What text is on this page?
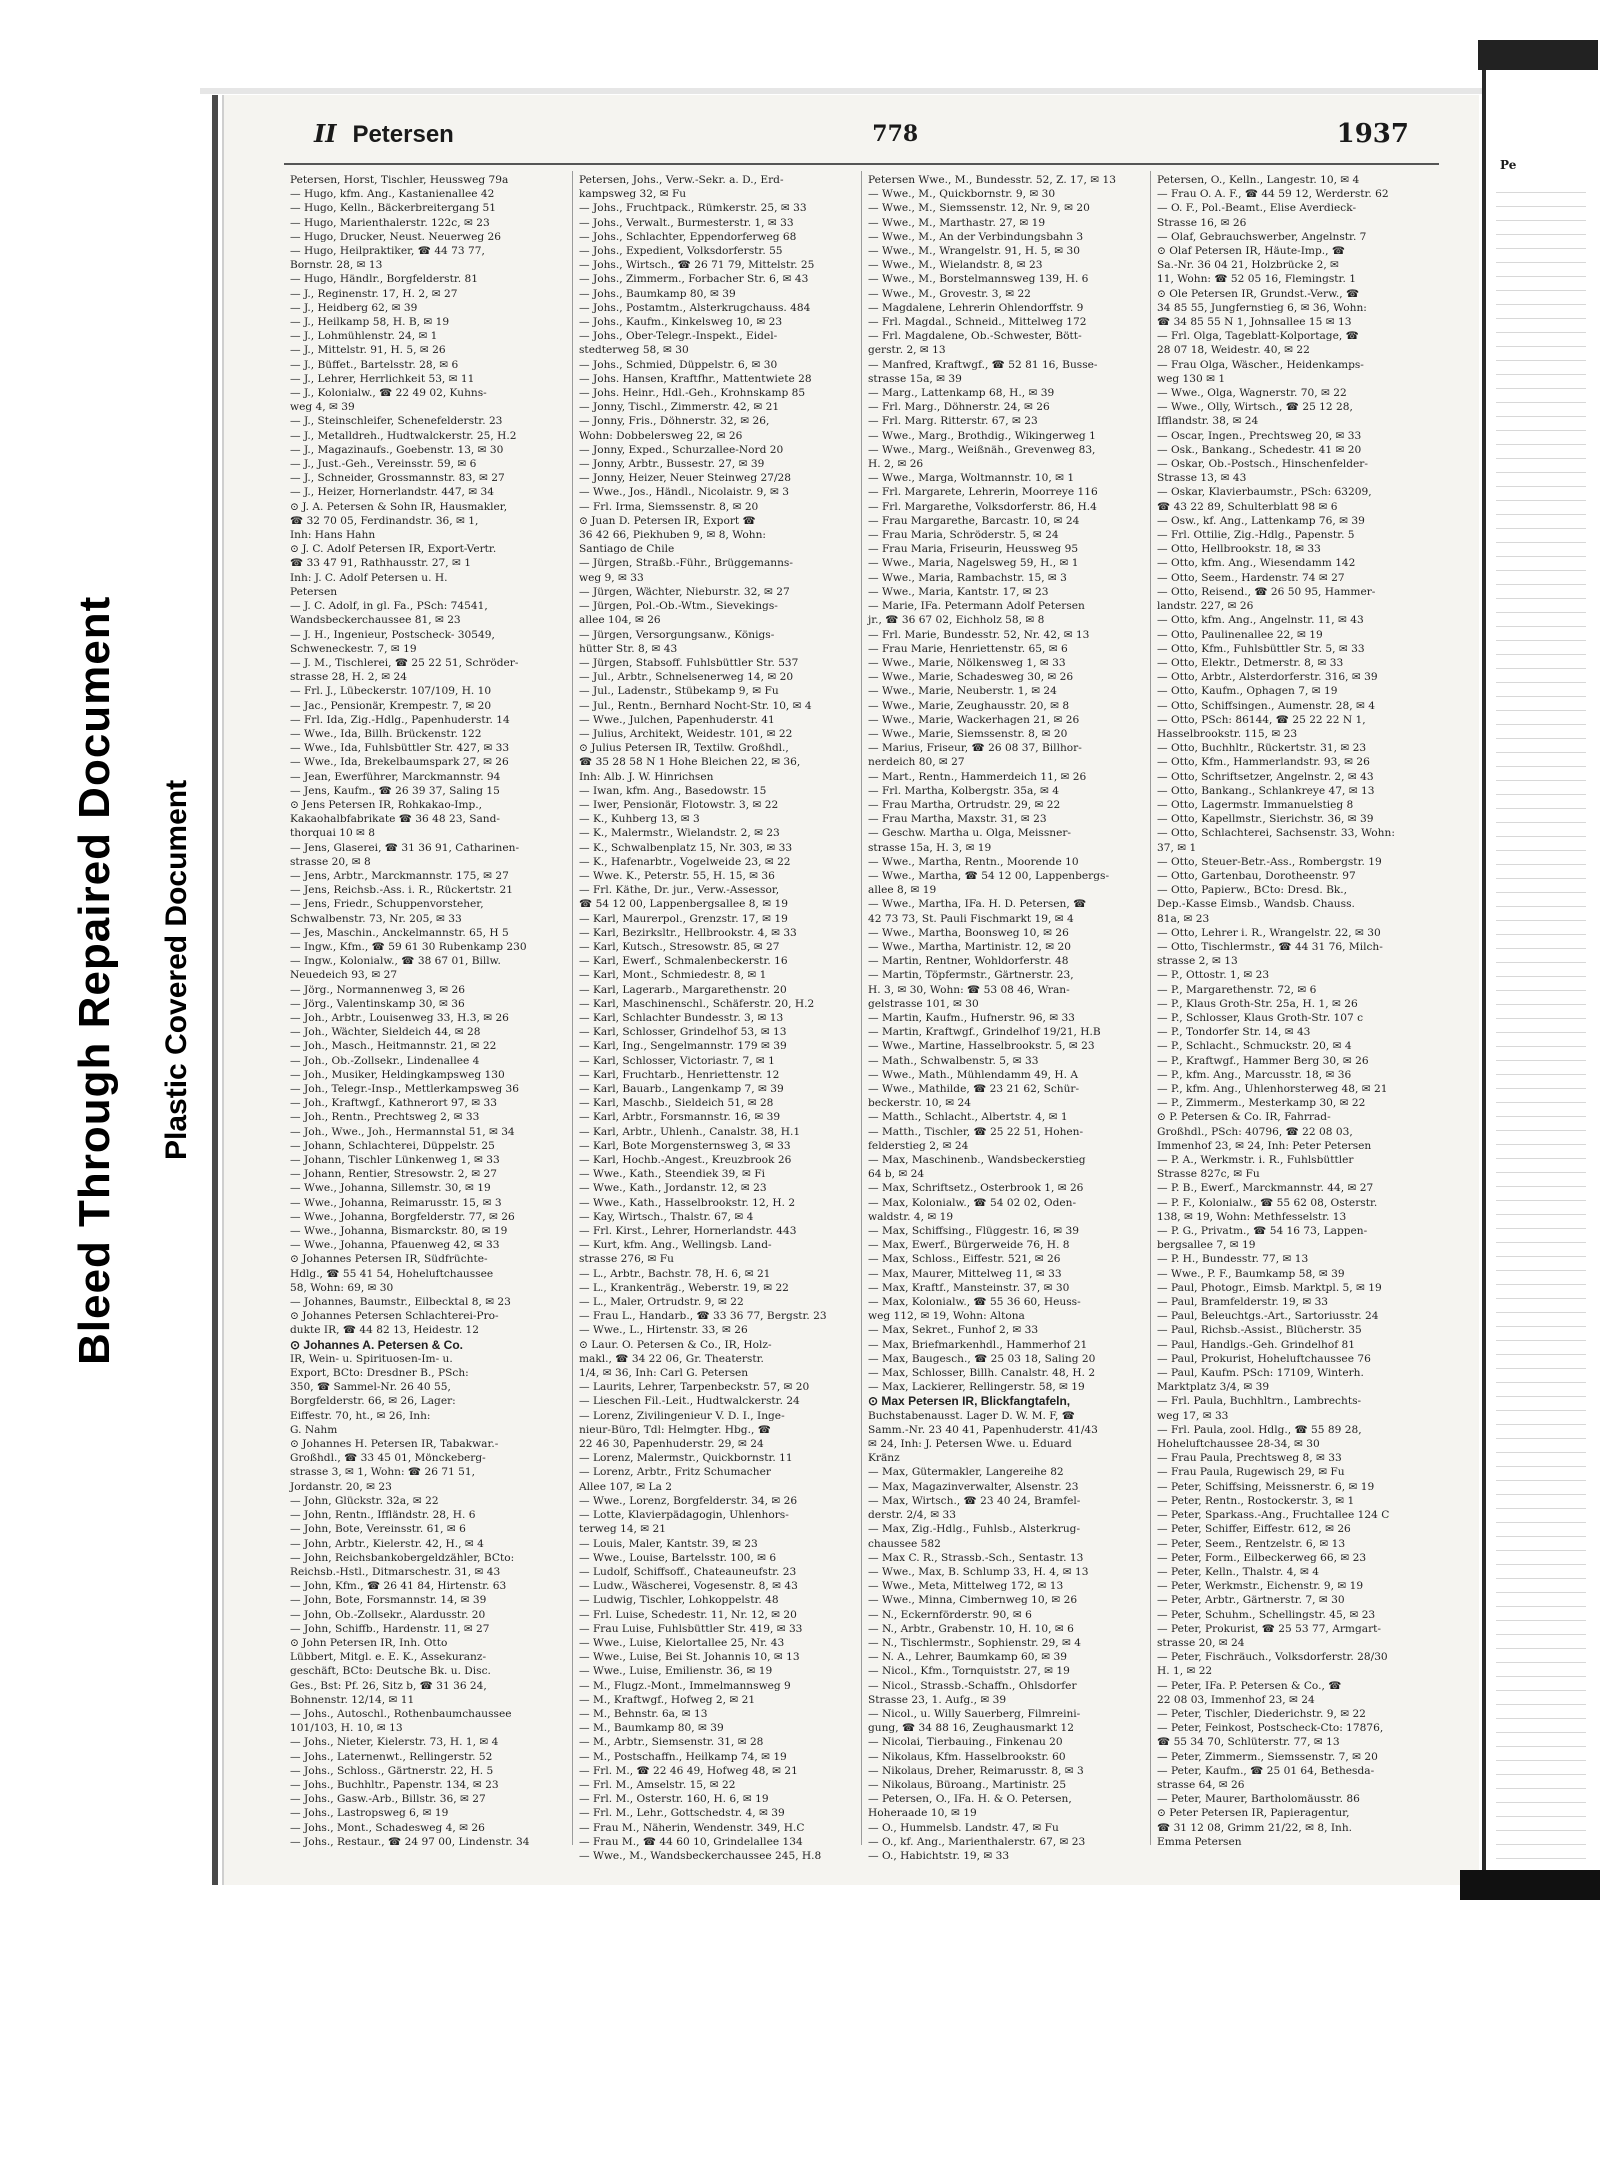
Bleed Through Repaired Document Plastic Covered Document
II Petersen	778	1937
Petersen, Horst, Tischler, Heussweg 79a
— Hugo, kfm. Ang., Kastanienallee 42
— Hugo, Kelln., Bäckerbreitergang 51
— Hugo, Marienthalerstr. 122c, ✉ 23
— Hugo, Drucker, Neust. Neuerweg 26
— Hugo, Heilpraktiker, ☎ 44 73 77,
Bornstr. 28, ✉ 13
— Hugo, Händlr., Borgfelderstr. 81
— J., Reginenstr. 17, H. 2, ✉ 27
— J., Heidberg 62, ✉ 39
— J., Heilkamp 58, H. B, ✉ 19
— J., Lohmühlenstr. 24, ✉ 1
— J., Mittelstr. 91, H. 5, ✉ 26
— J., Büffet., Bartelsstr. 28, ✉ 6
— J., Lehrer, Herrlichkeit 53, ✉ 11
— J., Kolonialw., ☎ 22 49 02, Kuhns-
weg 4, ✉ 39
— J., Steinschleifer, Schenefelderstr. 23
— J., Metalldreh., Hudtwalckerstr. 25, H.2
— J., Magazinaufs., Goebenstr. 13, ✉ 30
— J., Just.-Geh., Vereinsstr. 59, ✉ 6
— J., Schneider, Grossmannstr. 83, ✉ 27
— J., Heizer, Hornerlandstr. 447, ✉ 34
⊙ J. A. Petersen & Sohn IR, Hausmakler,
☎ 32 70 05, Ferdinandstr. 36, ✉ 1,
Inh: Hans Hahn
⊙ J. C. Adolf Petersen IR, Export-Vertr.
☎ 33 47 91, Rathhausstr. 27, ✉ 1
Inh: J. C. Adolf Petersen u. H.
Petersen
— J. C. Adolf, in gl. Fa., PSch: 74541,
Wandsbeckerchaussee 81, ✉ 23
— J. H., Ingenieur, Postscheck- 30549,
Schweneckestr. 7, ✉ 19
— J. M., Tischlerei, ☎ 25 22 51, Schröder-
strasse 28, H. 2, ✉ 24
— Frl. J., Lübeckerstr. 107/109, H. 10
— Jac., Pensionär, Krempestr. 7, ✉ 20
— Frl. Ida, Zig.-Hdlg., Papenhuderstr. 14
— Wwe., Ida, Billh. Brückenstr. 122
— Wwe., Ida, Fuhlsbüttler Str. 427, ✉ 33
— Wwe., Ida, Brekelbaumspark 27, ✉ 26
— Jean, Ewerführer, Marckmannstr. 94
— Jens, Kaufm., ☎ 26 39 37, Saling 15
⊙ Jens Petersen IR, Rohkakao-Imp.,
Kakaohalbfabrikate ☎ 36 48 23, Sand-
thorquai 10 ✉ 8
— Jens, Glaserei, ☎ 31 36 91, Catharinen-
strasse 20, ✉ 8
— Jens, Arbtr., Marckmannstr. 175, ✉ 27
— Jens, Reichsb.-Ass. i. R., Rückertstr. 21
— Jens, Friedr., Schuppenvorsteher,
Schwalbenstr. 73, Nr. 205, ✉ 33
— Jes, Maschin., Anckelmannstr. 65, H 5
— Ingw., Kfm., ☎ 59 61 30 Rubenkamp 230
— Ingw., Kolonialw., ☎ 38 67 01, Billw.
Neuedeich 93, ✉ 27
— Jörg., Normannenweg 3, ✉ 26
— Jörg., Valentinskamp 30, ✉ 36
— Joh., Arbtr., Louisenweg 33, H.3, ✉ 26
— Joh., Wächter, Sieldeich 44, ✉ 28
— Joh., Masch., Heitmannstr. 21, ✉ 22
— Joh., Ob.-Zollsekr., Lindenallee 4
— Joh., Musiker, Heldingkampsweg 130
— Joh., Telegr.-Insp., Mettlerkampsweg 36
— Joh., Kraftwgf., Kathnerort 97, ✉ 33
— Joh., Rentn., Prechtsweg 2, ✉ 33
— Joh., Wwe., Joh., Hermannstal 51, ✉ 34
— Johann, Schlachterei, Düppelstr. 25
— Johann, Tischler Lünkenweg 1, ✉ 33
— Johann, Rentier, Stresowstr. 2, ✉ 27
— Wwe., Johanna, Sillemstr. 30, ✉ 19
— Wwe., Johanna, Reimarusstr. 15, ✉ 3
— Wwe., Johanna, Borgfelderstr. 77, ✉ 26
— Wwe., Johanna, Bismarckstr. 80, ✉ 19
— Wwe., Johanna, Pfauenweg 42, ✉ 33
⊙ Johannes Petersen IR, Südfrüchte-
Hdlg., ☎ 55 41 54, Hoheluftchaussee
58, Wohn: 69, ✉ 30
— Johannes, Baumstr., Eilbecktal 8, ✉ 23
⊙ Johannes Petersen Schlachterei-Pro-
dukte IR, ☎ 44 82 13, Heidestr. 12
⊙ Johannes A. Petersen & Co.
IR, Wein- u. Spirituosen-Im- u.
Export, BCto: Dresdner B., PSch:
350, ☎ Sammel-Nr. 26 40 55,
Borgfelderstr. 66, ✉ 26, Lager:
Eiffestr. 70, ht., ✉ 26, Inh:
G. Nahm
⊙ Johannes H. Petersen IR, Tabakwar.-
Großhdl., ☎ 33 45 01, Mönckeberg-
strasse 3, ✉ 1, Wohn: ☎ 26 71 51,
Jordanstr. 20, ✉ 23
— John, Glückstr. 32a, ✉ 22
— John, Rentn., Iffländstr. 28, H. 6
— John, Bote, Vereinsstr. 61, ✉ 6
— John, Arbtr., Kielerstr. 42, H., ✉ 4
— John, Reichsbankobergeldzähler, BCto:
Reichsb.-Hstl., Ditmarschestr. 31, ✉ 43
— John, Kfm., ☎ 26 41 84, Hirtenstr. 63
— John, Bote, Forsmannstr. 14, ✉ 39
— John, Ob.-Zollsekr., Alardusstr. 20
— John, Schiffb., Hardenstr. 11, ✉ 27
⊙ John Petersen IR, Inh. Otto
Lübbert, Mitgl. e. E. K., Assekuranz-
geschäft, BCto: Deutsche Bk. u. Disc.
Ges., Bst: Pf. 26, Sitz b, ☎ 31 36 24,
Bohnenstr. 12/14, ✉ 11
— Johs., Autoschl., Rothenbaumchaussee
101/103, H. 10, ✉ 13
— Johs., Nieter, Kielerstr. 73, H. 1, ✉ 4
— Johs., Laternenwt., Rellingerstr. 52
— Johs., Schloss., Gärtnerstr. 22, H. 5
— Johs., Buchhltr., Papenstr. 134, ✉ 23
— Johs., Gasw.-Arb., Billstr. 36, ✉ 27
— Johs., Lastropsweg 6, ✉ 19
— Johs., Mont., Schadesweg 4, ✉ 26
— Johs., Restaur., ☎ 24 97 00, Lindenstr. 34
Petersen, Johs., Verw.-Sekr. a. D., Erd-
kampsweg 32, ✉ Fu
— Johs., Fruchtpack., Rümkerstr. 25, ✉ 33
— Johs., Verwalt., Burmesterstr. 1, ✉ 33
— Johs., Schlachter, Eppendorferweg 68
— Johs., Expedient, Volksdorferstr. 55
— Johs., Wirtsch., ☎ 26 71 79, Mittelstr. 25
— Johs., Zimmerm., Forbacher Str. 6, ✉ 43
— Johs., Baumkamp 80, ✉ 39
— Johs., Postamtm., Alsterkrugchauss. 484
— Johs., Kaufm., Kinkelsweg 10, ✉ 23
— Johs., Ober-Telegr.-Inspekt., Eidel-
stedterweg 58, ✉ 30
— Johs., Schmied, Düppelstr. 6, ✉ 30
— Johs. Hansen, Kraftfhr., Mattentwiete 28
— Johs. Heinr., Hdl.-Geh., Krohnskamp 85
— Jonny, Tischl., Zimmerstr. 42, ✉ 21
— Jonny, Fris., Döhnerstr. 32, ✉ 26,
Wohn: Dobbelersweg 22, ✉ 26
— Jonny, Exped., Schurzallee-Nord 20
— Jonny, Arbtr., Bussestr. 27, ✉ 39
— Jonny, Heizer, Neuer Steinweg 27/28
— Wwe., Jos., Händl., Nicolaistr. 9, ✉ 3
— Frl. Irma, Siemssenstr. 8, ✉ 20
⊙ Juan D. Petersen IR, Export ☎
36 42 66, Piekhuben 9, ✉ 8, Wohn:
Santiago de Chile
— Jürgen, Straßb.-Führ., Brüggemanns-
weg 9, ✉ 33
— Jürgen, Wächter, Nieburstr. 32, ✉ 27
— Jürgen, Pol.-Ob.-Wtm., Sievekings-
allee 104, ✉ 26
— Jürgen, Versorgungsanw., Königs-
hütter Str. 8, ✉ 43
— Jürgen, Stabsoff. Fuhlsbüttler Str. 537
— Jul., Arbtr., Schnelsenerweg 14, ✉ 20
— Jul., Ladenstr., Stübekamp 9, ✉ Fu
— Jul., Rentn., Bernhard Nocht-Str. 10, ✉ 4
— Wwe., Julchen, Papenhuderstr. 41
— Julius, Architekt, Weidestr. 101, ✉ 22
⊙ Julius Petersen IR, Textilw. Großhdl.,
☎ 35 28 58 N 1 Hohe Bleichen 22, ✉ 36,
Inh: Alb. J. W. Hinrichsen
— Iwan, kfm. Ang., Basedowstr. 15
— Iwer, Pensionär, Flotowstr. 3, ✉ 22
— K., Kuhberg 13, ✉ 3
— K., Malermstr., Wielandstr. 2, ✉ 23
— K., Schwalbenplatz 15, Nr. 303, ✉ 33
— K., Hafenarbtr., Vogelweide 23, ✉ 22
— Wwe. K., Peterstr. 55, H. 15, ✉ 36
— Frl. Käthe, Dr. jur., Verw.-Assessor,
☎ 54 12 00, Lappenbergsallee 8, ✉ 19
— Karl, Maurerpol., Grenzstr. 17, ✉ 19
— Karl, Bezirksltr., Hellbrookstr. 4, ✉ 33
— Karl, Kutsch., Stresowstr. 85, ✉ 27
— Karl, Ewerf., Schmalenbeckerstr. 16
— Karl, Mont., Schmiedestr. 8, ✉ 1
— Karl, Lagerarb., Margarethenstr. 20
— Karl, Maschinenschl., Schäferstr. 20, H.2
— Karl, Schlachter Bundesstr. 3, ✉ 13
— Karl, Schlosser, Grindelhof 53, ✉ 13
— Karl, Ing., Sengelmannstr. 179 ✉ 39
— Karl, Schlosser, Victoriastr. 7, ✉ 1
— Karl, Fruchtarb., Henriettenstr. 12
— Karl, Bauarb., Langenkamp 7, ✉ 39
— Karl, Maschb., Sieldeich 51, ✉ 28
— Karl, Arbtr., Forsmannstr. 16, ✉ 39
— Karl, Arbtr., Uhlenh., Canalstr. 38, H.1
— Karl, Bote Morgensternsweg 3, ✉ 33
— Karl, Hochb.-Angest., Kreuzbrook 26
— Wwe., Kath., Steendiek 39, ✉ Fi
— Wwe., Kath., Jordanstr. 12, ✉ 23
— Wwe., Kath., Hasselbrookstr. 12, H. 2
— Kay, Wirtsch., Thalstr. 67, ✉ 4
— Frl. Kirst., Lehrer, Hornerlandstr. 443
— Kurt, kfm. Ang., Wellingsb. Land-
strasse 276, ✉ Fu
— L., Arbtr., Bachstr. 78, H. 6, ✉ 21
— L., Krankenträg., Weberstr. 19, ✉ 22
— L., Maler, Ortrudstr. 9, ✉ 22
— Frau L., Handarb., ☎ 33 36 77, Bergstr. 23
— Wwe., L., Hirtenstr. 33, ✉ 26
⊙ Laur. O. Petersen & Co., IR, Holz-
makl., ☎ 34 22 06, Gr. Theaterstr.
1/4, ✉ 36, Inh: Carl G. Petersen
— Laurits, Lehrer, Tarpenbeckstr. 57, ✉ 20
— Lieschen Fil.-Leit., Hudtwalckerstr. 24
— Lorenz, Zivilingenieur V. D. I., Inge-
nieur-Büro, Tdl: Helmgter. Hbg., ☎
22 46 30, Papenhuderstr. 29, ✉ 24
— Lorenz, Malermstr., Quickbornstr. 11
— Lorenz, Arbtr., Fritz Schumacher
Allee 107, ✉ La 2
— Wwe., Lorenz, Borgfelderstr. 34, ✉ 26
— Lotte, Klavierpädagogin, Uhlenhors-
terweg 14, ✉ 21
— Louis, Maler, Kantstr. 39, ✉ 23
— Wwe., Louise, Bartelsstr. 100, ✉ 6
— Ludolf, Schiffsoff., Chateauneufstr. 23
— Ludw., Wäscherei, Vogesenstr. 8, ✉ 43
— Ludwig, Tischler, Lohkoppelstr. 48
— Frl. Luise, Schedestr. 11, Nr. 12, ✉ 20
— Frau Luise, Fuhlsbüttler Str. 419, ✉ 33
— Wwe., Luise, Kielortallee 25, Nr. 43
— Wwe., Luise, Bei St. Johannis 10, ✉ 13
— Wwe., Luise, Emilienstr. 36, ✉ 19
— M., Flugz.-Mont., Immelmannsweg 9
— M., Kraftwgf., Hofweg 2, ✉ 21
— M., Behnstr. 6a, ✉ 13
— M., Baumkamp 80, ✉ 39
— M., Arbtr., Siemsenstr. 31, ✉ 28
— M., Postschaffn., Heilkamp 74, ✉ 19
— Frl. M., ☎ 22 46 49, Hofweg 48, ✉ 21
— Frl. M., Amselstr. 15, ✉ 22
— Frl. M., Osterstr. 160, H. 6, ✉ 19
— Frl. M., Lehr., Gottschedstr. 4, ✉ 39
— Frau M., Näherin, Wendenstr. 349, H.C
— Frau M., ☎ 44 60 10, Grindelallee 134
— Wwe., M., Wandsbeckerchaussee 245, H.8
Petersen Wwe., M., Bundesstr. 52, Z. 17, ✉ 13
— Wwe., M., Quickbornstr. 9, ✉ 30
— Wwe., M., Siemssenstr. 12, Nr. 9, ✉ 20
— Wwe., M., Marthastr. 27, ✉ 19
— Wwe., M., An der Verbindungsbahn 3
— Wwe., M., Wrangelstr. 91, H. 5, ✉ 30
— Wwe., M., Wielandstr. 8, ✉ 23
— Wwe., M., Borstelmannsweg 139, H. 6
— Wwe., M., Grovestr. 3, ✉ 22
— Magdalene, Lehrerin Ohlendorffstr. 9
— Frl. Magdal., Schneid., Mittelweg 172
— Frl. Magdalene, Ob.-Schwester, Bött-
gerstr. 2, ✉ 13
— Manfred, Kraftwgf., ☎ 52 81 16, Busse-
strasse 15a, ✉ 39
— Marg., Lattenkamp 68, H., ✉ 39
— Frl. Marg., Döhnerstr. 24, ✉ 26
— Frl. Marg. Ritterstr. 67, ✉ 23
— Wwe., Marg., Brothdig., Wikingerweg 1
— Wwe., Marg., Weißnäh., Grevenweg 83,
H. 2, ✉ 26
— Wwe., Marga, Woltmannstr. 10, ✉ 1
— Frl. Margarete, Lehrerin, Moorreye 116
— Frl. Margarethe, Volksdorferstr. 86, H.4
— Frau Margarethe, Barcastr. 10, ✉ 24
— Frau Maria, Schröderstr. 5, ✉ 24
— Frau Maria, Friseurin, Heussweg 95
— Wwe., Maria, Nagelsweg 59, H., ✉ 1
— Wwe., Maria, Rambachstr. 15, ✉ 3
— Wwe., Maria, Kantstr. 17, ✉ 23
— Marie, IFa. Petermann Adolf Petersen
jr., ☎ 36 67 02, Eichholz 58, ✉ 8
— Frl. Marie, Bundesstr. 52, Nr. 42, ✉ 13
— Frau Marie, Henriettenstr. 65, ✉ 6
— Wwe., Marie, Nölkensweg 1, ✉ 33
— Wwe., Marie, Schadesweg 30, ✉ 26
— Wwe., Marie, Neuberstr. 1, ✉ 24
— Wwe., Marie, Zeughausstr. 20, ✉ 8
— Wwe., Marie, Wackerhagen 21, ✉ 26
— Wwe., Marie, Siemssenstr. 8, ✉ 20
— Marius, Friseur, ☎ 26 08 37, Billhor-
nerdeich 80, ✉ 27
— Mart., Rentn., Hammerdeich 11, ✉ 26
— Frl. Martha, Kolbergstr. 35a, ✉ 4
— Frau Martha, Ortrudstr. 29, ✉ 22
— Frau Martha, Maxstr. 31, ✉ 23
— Geschw. Martha u. Olga, Meissner-
strasse 15a, H. 3, ✉ 19
— Wwe., Martha, Rentn., Moorende 10
— Wwe., Martha, ☎ 54 12 00, Lappenbergs-
allee 8, ✉ 19
— Wwe., Martha, IFa. H. D. Petersen, ☎
42 73 73, St. Pauli Fischmarkt 19, ✉ 4
— Wwe., Martha, Boonsweg 10, ✉ 26
— Wwe., Martha, Martinistr. 12, ✉ 20
— Martin, Rentner, Wohldorferstr. 48
— Martin, Töpfermstr., Gärtnerstr. 23,
H. 3, ✉ 30, Wohn: ☎ 53 08 46, Wran-
gelstrasse 101, ✉ 30
— Martin, Kaufm., Hufnerstr. 96, ✉ 33
— Martin, Kraftwgf., Grindelhof 19/21, H.B
— Wwe., Martine, Hasselbrookstr. 5, ✉ 23
— Math., Schwalbenstr. 5, ✉ 33
— Wwe., Math., Mühlendamm 49, H. A
— Wwe., Mathilde, ☎ 23 21 62, Schür-
beckerstr. 10, ✉ 24
— Matth., Schlacht., Albertstr. 4, ✉ 1
— Matth., Tischler, ☎ 25 22 51, Hohen-
felderstieg 2, ✉ 24
— Max, Maschinenb., Wandsbeckerstieg
64 b, ✉ 24
— Max, Schriftsetz., Osterbrook 1, ✉ 26
— Max, Kolonialw., ☎ 54 02 02, Oden-
waldstr. 4, ✉ 19
— Max, Schiffsing., Flüggestr. 16, ✉ 39
— Max, Ewerf., Bürgerweide 76, H. 8
— Max, Schloss., Eiffestr. 521, ✉ 26
— Max, Maurer, Mittelweg 11, ✉ 33
— Max, Kraftf., Mansteinstr. 37, ✉ 30
— Max, Kolonialw., ☎ 55 36 60, Heuss-
weg 112, ✉ 19, Wohn: Altona
— Max, Sekret., Funhof 2, ✉ 33
— Max, Briefmarkenhdl., Hammerhof 21
— Max, Baugesch., ☎ 25 03 18, Saling 20
— Max, Schlosser, Billh. Canalstr. 48, H. 2
— Max, Lackierer, Rellingerstr. 58, ✉ 19
⊙ Max Petersen IR, Blickfangtafeln,
Buchstabenausst. Lager D. W. M. F, ☎
Samm.-Nr. 23 40 41, Papenhuderstr. 41/43
✉ 24, Inh: J. Petersen Wwe. u. Eduard
Kränz
— Max, Gütermakler, Langereihe 82
— Max, Magazinverwalter, Alsenstr. 23
— Max, Wirtsch., ☎ 23 40 24, Bramfel-
derstr. 2/4, ✉ 33
— Max, Zig.-Hdlg., Fuhlsb., Alsterkrug-
chaussee 582
— Max C. R., Strassb.-Sch., Sentastr. 13
— Wwe., Max, B. Schlump 33, H. 4, ✉ 13
— Wwe., Meta, Mittelweg 172, ✉ 13
— Wwe., Minna, Cimbernweg 10, ✉ 26
— N., Eckernförderstr. 90, ✉ 6
— N., Arbtr., Grabenstr. 10, H. 10, ✉ 6
— N., Tischlermstr., Sophienstr. 29, ✉ 4
— N. A., Lehrer, Baumkamp 60, ✉ 39
— Nicol., Kfm., Tornquiststr. 27, ✉ 19
— Nicol., Strassb.-Schaffn., Ohlsdorfer
Strasse 23, 1. Aufg., ✉ 39
— Nicol., u. Willy Sauerberg, Filmreini-
gung, ☎ 34 88 16, Zeughausmarkt 12
— Nicolai, Tierbauing., Finkenau 20
— Nikolaus, Kfm. Hasselbrookstr. 60
— Nikolaus, Dreher, Reimarusstr. 8, ✉ 3
— Nikolaus, Büroang., Martinistr. 25
— Petersen, O., IFa. H. & O. Petersen,
Hoheraade 10, ✉ 19
— O., Hummelsb. Landstr. 47, ✉ Fu
— O., kf. Ang., Marienthalerstr. 67, ✉ 23
— O., Habichtstr. 19, ✉ 33
Petersen, O., Kelln., Langestr. 10, ✉ 4
— Frau O. A. F., ☎ 44 59 12, Werderstr. 62
— O. F., Pol.-Beamt., Elise Averdieck-
Strasse 16, ✉ 26
— Olaf, Gebrauchswerber, Angelnstr. 7
⊙ Olaf Petersen IR, Häute-Imp., ☎
Sa.-Nr. 36 04 21, Holzbrücke 2, ✉
11, Wohn: ☎ 52 05 16, Flemingstr. 1
⊙ Ole Petersen IR, Grundst.-Verw., ☎
34 85 55, Jungfernstieg 6, ✉ 36, Wohn:
☎ 34 85 55 N 1, Johnsallee 15 ✉ 13
— Frl. Olga, Tageblatt-Kolportage, ☎
28 07 18, Weidestr. 40, ✉ 22
— Frau Olga, Wäscher., Heidenkamps-
weg 130 ✉ 1
— Wwe., Olga, Wagnerstr. 70, ✉ 22
— Wwe., Olly, Wirtsch., ☎ 25 12 28,
Ifflandstr. 38, ✉ 24
— Oscar, Ingen., Prechtsweg 20, ✉ 33
— Osk., Bankang., Schedestr. 41 ✉ 20
— Oskar, Ob.-Postsch., Hinschenfelder-
Strasse 13, ✉ 43
— Oskar, Klavierbaumstr., PSch: 63209,
☎ 43 22 89, Schulterblatt 98 ✉ 6
— Osw., kf. Ang., Lattenkamp 76, ✉ 39
— Frl. Ottilie, Zig.-Hdlg., Papenstr. 5
— Otto, Hellbrookstr. 18, ✉ 33
— Otto, kfm. Ang., Wiesendamm 142
— Otto, Seem., Hardenstr. 74 ✉ 27
— Otto, Reisend., ☎ 26 50 95, Hammer-
landstr. 227, ✉ 26
— Otto, kfm. Ang., Angelnstr. 11, ✉ 43
— Otto, Paulinenallee 22, ✉ 19
— Otto, Kfm., Fuhlsbüttler Str. 5, ✉ 33
— Otto, Elektr., Detmerstr. 8, ✉ 33
— Otto, Arbtr., Alsterdorferstr. 316, ✉ 39
— Otto, Kaufm., Ophagen 7, ✉ 19
— Otto, Schiffsingen., Aumenstr. 28, ✉ 4
— Otto, PSch: 86144, ☎ 25 22 22 N 1,
Hasselbrookstr. 115, ✉ 23
— Otto, Buchhltr., Rückertstr. 31, ✉ 23
— Otto, Kfm., Hammerlandstr. 93, ✉ 26
— Otto, Schriftsetzer, Angelnstr. 2, ✉ 43
— Otto, Bankang., Schlankreye 47, ✉ 13
— Otto, Lagermstr. Immanuelstieg 8
— Otto, Kapellmstr., Sierichstr. 36, ✉ 39
— Otto, Schlachterei, Sachsenstr. 33, Wohn:
37, ✉ 1
— Otto, Steuer-Betr.-Ass., Rombergstr. 19
— Otto, Gartenbau, Dorotheenstr. 97
— Otto, Papierw., BCto: Dresd. Bk.,
Dep.-Kasse Eimsb., Wandsb. Chauss.
81a, ✉ 23
— Otto, Lehrer i. R., Wrangelstr. 22, ✉ 30
— Otto, Tischlermstr., ☎ 44 31 76, Milch-
strasse 2, ✉ 13
— P., Ottostr. 1, ✉ 23
— P., Margarethenstr. 72, ✉ 6
— P., Klaus Groth-Str. 25a, H. 1, ✉ 26
— P., Schlosser, Klaus Groth-Str. 107 c
— P., Tondorfer Str. 14, ✉ 43
— P., Schlacht., Schmuckstr. 20, ✉ 4
— P., Kraftwgf., Hammer Berg 30, ✉ 26
— P., kfm. Ang., Marcusstr. 18, ✉ 36
— P., kfm. Ang., Uhlenhorsterweg 48, ✉ 21
— P., Zimmerm., Mesterkamp 30, ✉ 22
⊙ P. Petersen & Co. IR, Fahrrad-
Großhdl., PSch: 40796, ☎ 22 08 03,
Immenhof 23, ✉ 24, Inh: Peter Petersen
— P. A., Werkmstr. i. R., Fuhlsbüttler
Strasse 827c, ✉ Fu
— P. B., Ewerf., Marckmannstr. 44, ✉ 27
— P. F., Kolonialw., ☎ 55 62 08, Osterstr.
138, ✉ 19, Wohn: Methfesselstr. 13
— P. G., Privatm., ☎ 54 16 73, Lappen-
bergsallee 7, ✉ 19
— P. H., Bundesstr. 77, ✉ 13
— Wwe., P. F., Baumkamp 58, ✉ 39
— Paul, Photogr., Eimsb. Marktpl. 5, ✉ 19
— Paul, Bramfelderstr. 19, ✉ 33
— Paul, Beleuchtgs.-Art., Sartoriusstr. 24
— Paul, Richsb.-Assist., Blücherstr. 35
— Paul, Handlgs.-Geh. Grindelhof 81
— Paul, Prokurist, Hoheluftchaussee 76
— Paul, Kaufm. PSch: 17109, Winterh.
Marktplatz 3/4, ✉ 39
— Frl. Paula, Buchhltrn., Lambrechts-
weg 17, ✉ 33
— Frl. Paula, zool. Hdlg., ☎ 55 89 28,
Hoheluftchaussee 28-34, ✉ 30
— Frau Paula, Prechtsweg 8, ✉ 33
— Frau Paula, Rugewisch 29, ✉ Fu
— Peter, Schiffsing, Meissnerstr. 6, ✉ 19
— Peter, Rentn., Rostockerstr. 3, ✉ 1
— Peter, Sparkass.-Ang., Fruchtallee 124 C
— Peter, Schiffer, Eiffestr. 612, ✉ 26
— Peter, Seem., Rentzelstr. 6, ✉ 13
— Peter, Form., Eilbeckerweg 66, ✉ 23
— Peter, Kelln., Thalstr. 4, ✉ 4
— Peter, Werkmstr., Eichenstr. 9, ✉ 19
— Peter, Arbtr., Gärtnerstr. 7, ✉ 30
— Peter, Schuhm., Schellingstr. 45, ✉ 23
— Peter, Prokurist, ☎ 25 53 77, Armgart-
strasse 20, ✉ 24
— Peter, Fischräuch., Volksdorferstr. 28/30
H. 1, ✉ 22
— Peter, IFa. P. Petersen & Co., ☎
22 08 03, Immenhof 23, ✉ 24
— Peter, Tischler, Diederichstr. 9, ✉ 22
— Peter, Feinkost, Postscheck-Cto: 17876,
☎ 55 34 70, Schlüterstr. 77, ✉ 13
— Peter, Zimmerm., Siemssenstr. 7, ✉ 20
— Peter, Kaufm., ☎ 25 01 64, Bethesda-
strasse 64, ✉ 26
— Peter, Maurer, Bartholomäusstr. 86
⊙ Peter Petersen IR, Papieragentur,
☎ 31 12 08, Grimm 21/22, ✉ 8, Inh.
Emma Petersen
Pe
